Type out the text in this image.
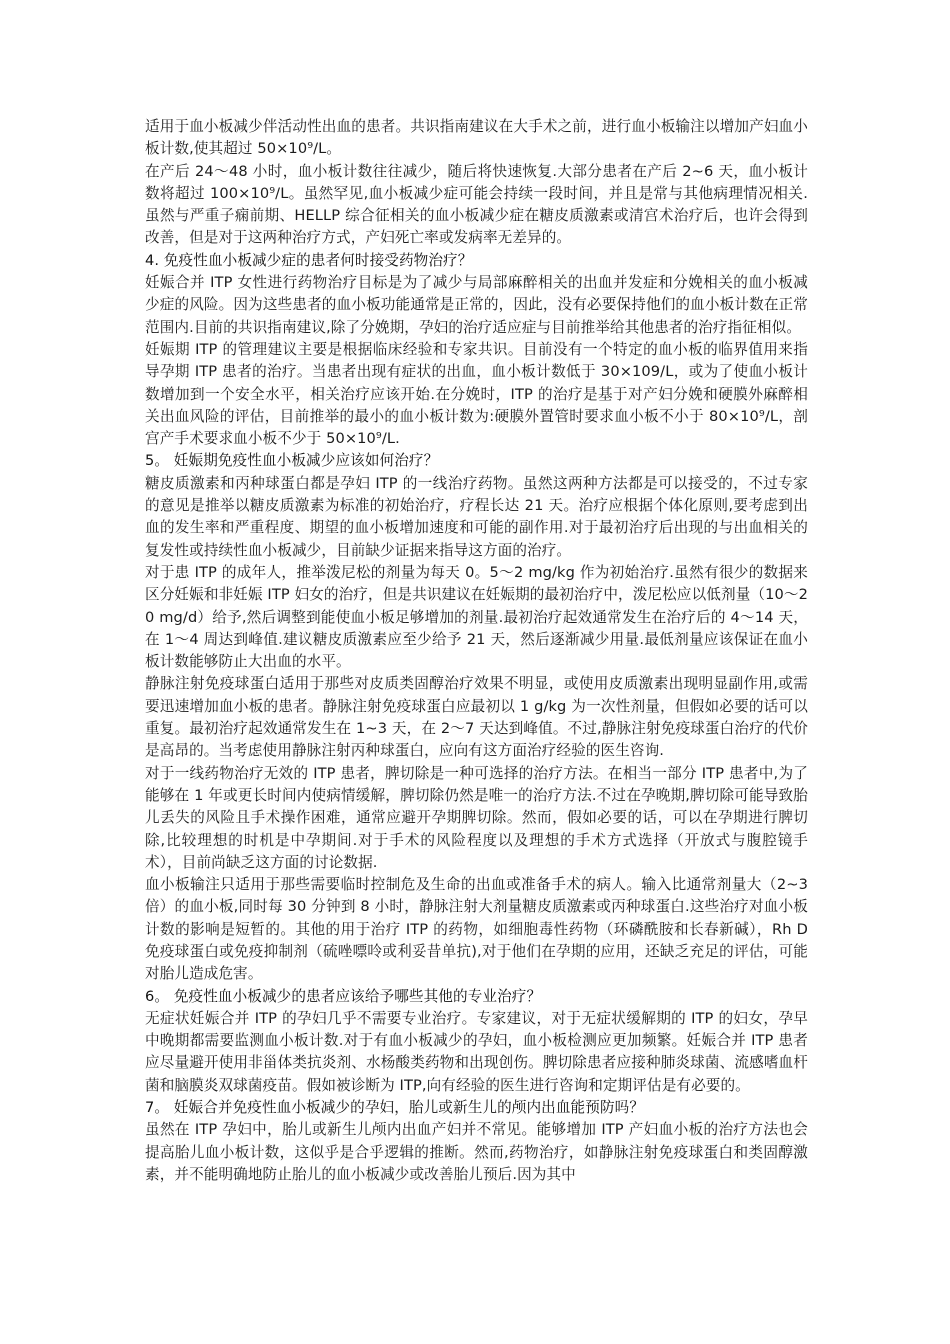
适用于血小板减少伴活动性出血的患者。共识指南建议在大手术之前，进行血小板输注以增加产妇血小板计数,使其超过 50×10⁹/L。

在产后 24～48 小时，血小板计数往往减少，随后将快速恢复.大部分患者在产后 2~6 天，血小板计数将超过 100×10⁹/L。虽然罕见,血小板减少症可能会持续一段时间，并且是常与其他病理情况相关.虽然与严重子痫前期、HELLP 综合征相关的血小板减少症在糖皮质激素或清宫术治疗后，也许会得到改善，但是对于这两种治疗方式，产妇死亡率或发病率无差异的。

4. 免疫性血小板减少症的患者何时接受药物治疗？

妊娠合并 ITP 女性进行药物治疗目标是为了减少与局部麻醉相关的出血并发症和分娩相关的血小板减少症的风险。因为这些患者的血小板功能通常是正常的，因此，没有必要保持他们的血小板计数在正常范围内.目前的共识指南建议,除了分娩期，孕妇的治疗适应症与目前推举给其他患者的治疗指征相似。

妊娠期 ITP 的管理建议主要是根据临床经验和专家共识。目前没有一个特定的血小板的临界值用来指导孕期 ITP 患者的治疗。当患者出现有症状的出血，血小板计数低于 30×109/L，或为了使血小板计数增加到一个安全水平，相关治疗应该开始.在分娩时，ITP 的治疗是基于对产妇分娩和硬膜外麻醉相关出血风险的评估，目前推举的最小的血小板计数为:硬膜外置管时要求血小板不小于 80×10⁹/L，剖宫产手术要求血小板不少于 50×10⁹/L.

5。 妊娠期免疫性血小板减少应该如何治疗？

糖皮质激素和丙种球蛋白都是孕妇 ITP 的一线治疗药物。虽然这两种方法都是可以接受的，不过专家的意见是推举以糖皮质激素为标准的初始治疗，疗程长达 21 天。治疗应根据个体化原则,要考虑到出血的发生率和严重程度、期望的血小板增加速度和可能的副作用.对于最初治疗后出现的与出血相关的复发性或持续性血小板减少，目前缺少证据来指导这方面的治疗。

对于患 ITP 的成年人，推举泼尼松的剂量为每天 0。5～2 mg/kg 作为初始治疗.虽然有很少的数据来区分妊娠和非妊娠 ITP 妇女的治疗，但是共识建议在妊娠期的最初治疗中，泼尼松应以低剂量（10～20 mg/d）给予,然后调整到能使血小板足够增加的剂量.最初治疗起效通常发生在治疗后的 4～14 天，在 1～4 周达到峰值.建议糖皮质激素应至少给予 21 天，然后逐渐减少用量.最低剂量应该保证在血小板计数能够防止大出血的水平。

静脉注射免疫球蛋白适用于那些对皮质类固醇治疗效果不明显，或使用皮质激素出现明显副作用,或需要迅速增加血小板的患者。静脉注射免疫球蛋白应最初以 1 g/kg 为一次性剂量，但假如必要的话可以重复。最初治疗起效通常发生在 1~3 天，在 2～7 天达到峰值。不过,静脉注射免疫球蛋白治疗的代价是高昂的。当考虑使用静脉注射丙种球蛋白，应向有这方面治疗经验的医生咨询.

对于一线药物治疗无效的 ITP 患者，脾切除是一种可选择的治疗方法。在相当一部分 ITP 患者中,为了能够在 1 年或更长时间内使病情缓解，脾切除仍然是唯一的治疗方法.不过在孕晚期,脾切除可能导致胎儿丢失的风险且手术操作困难，通常应避开孕期脾切除。然而，假如必要的话，可以在孕期进行脾切除,比较理想的时机是中孕期间.对于手术的风险程度以及理想的手术方式选择（开放式与腹腔镜手术），目前尚缺乏这方面的讨论数据.

血小板输注只适用于那些需要临时控制危及生命的出血或准备手术的病人。输入比通常剂量大（2~3 倍）的血小板,同时每 30 分钟到 8 小时，静脉注射大剂量糖皮质激素或丙种球蛋白.这些治疗对血小板计数的影响是短暂的。其他的用于治疗 ITP 的药物，如细胞毒性药物（环磷酰胺和长春新碱），Rh D 免疫球蛋白或免疫抑制剂（硫唑嘌呤或利妥昔单抗),对于他们在孕期的应用，还缺乏充足的评估，可能对胎儿造成危害。

6。 免疫性血小板减少的患者应该给予哪些其他的专业治疗？

无症状妊娠合并 ITP 的孕妇几乎不需要专业治疗。专家建议，对于无症状缓解期的 ITP 的妇女，孕早中晚期都需要监测血小板计数.对于有血小板减少的孕妇，血小板检测应更加频繁。妊娠合并 ITP 患者应尽量避开使用非甾体类抗炎剂、水杨酸类药物和出现创伤。脾切除患者应接种肺炎球菌、流感嗜血杆菌和脑膜炎双球菌疫苗。假如被诊断为 ITP,向有经验的医生进行咨询和定期评估是有必要的。

7。 妊娠合并免疫性血小板减少的孕妇，胎儿或新生儿的颅内出血能预防吗？

虽然在 ITP 孕妇中，胎儿或新生儿颅内出血产妇并不常见。能够增加 ITP 产妇血小板的治疗方法也会提高胎儿血小板计数，这似乎是合乎逻辑的推断。然而,药物治疗，如静脉注射免疫球蛋白和类固醇激素，并不能明确地防止胎儿的血小板减少或改善胎儿预后.因为其中
